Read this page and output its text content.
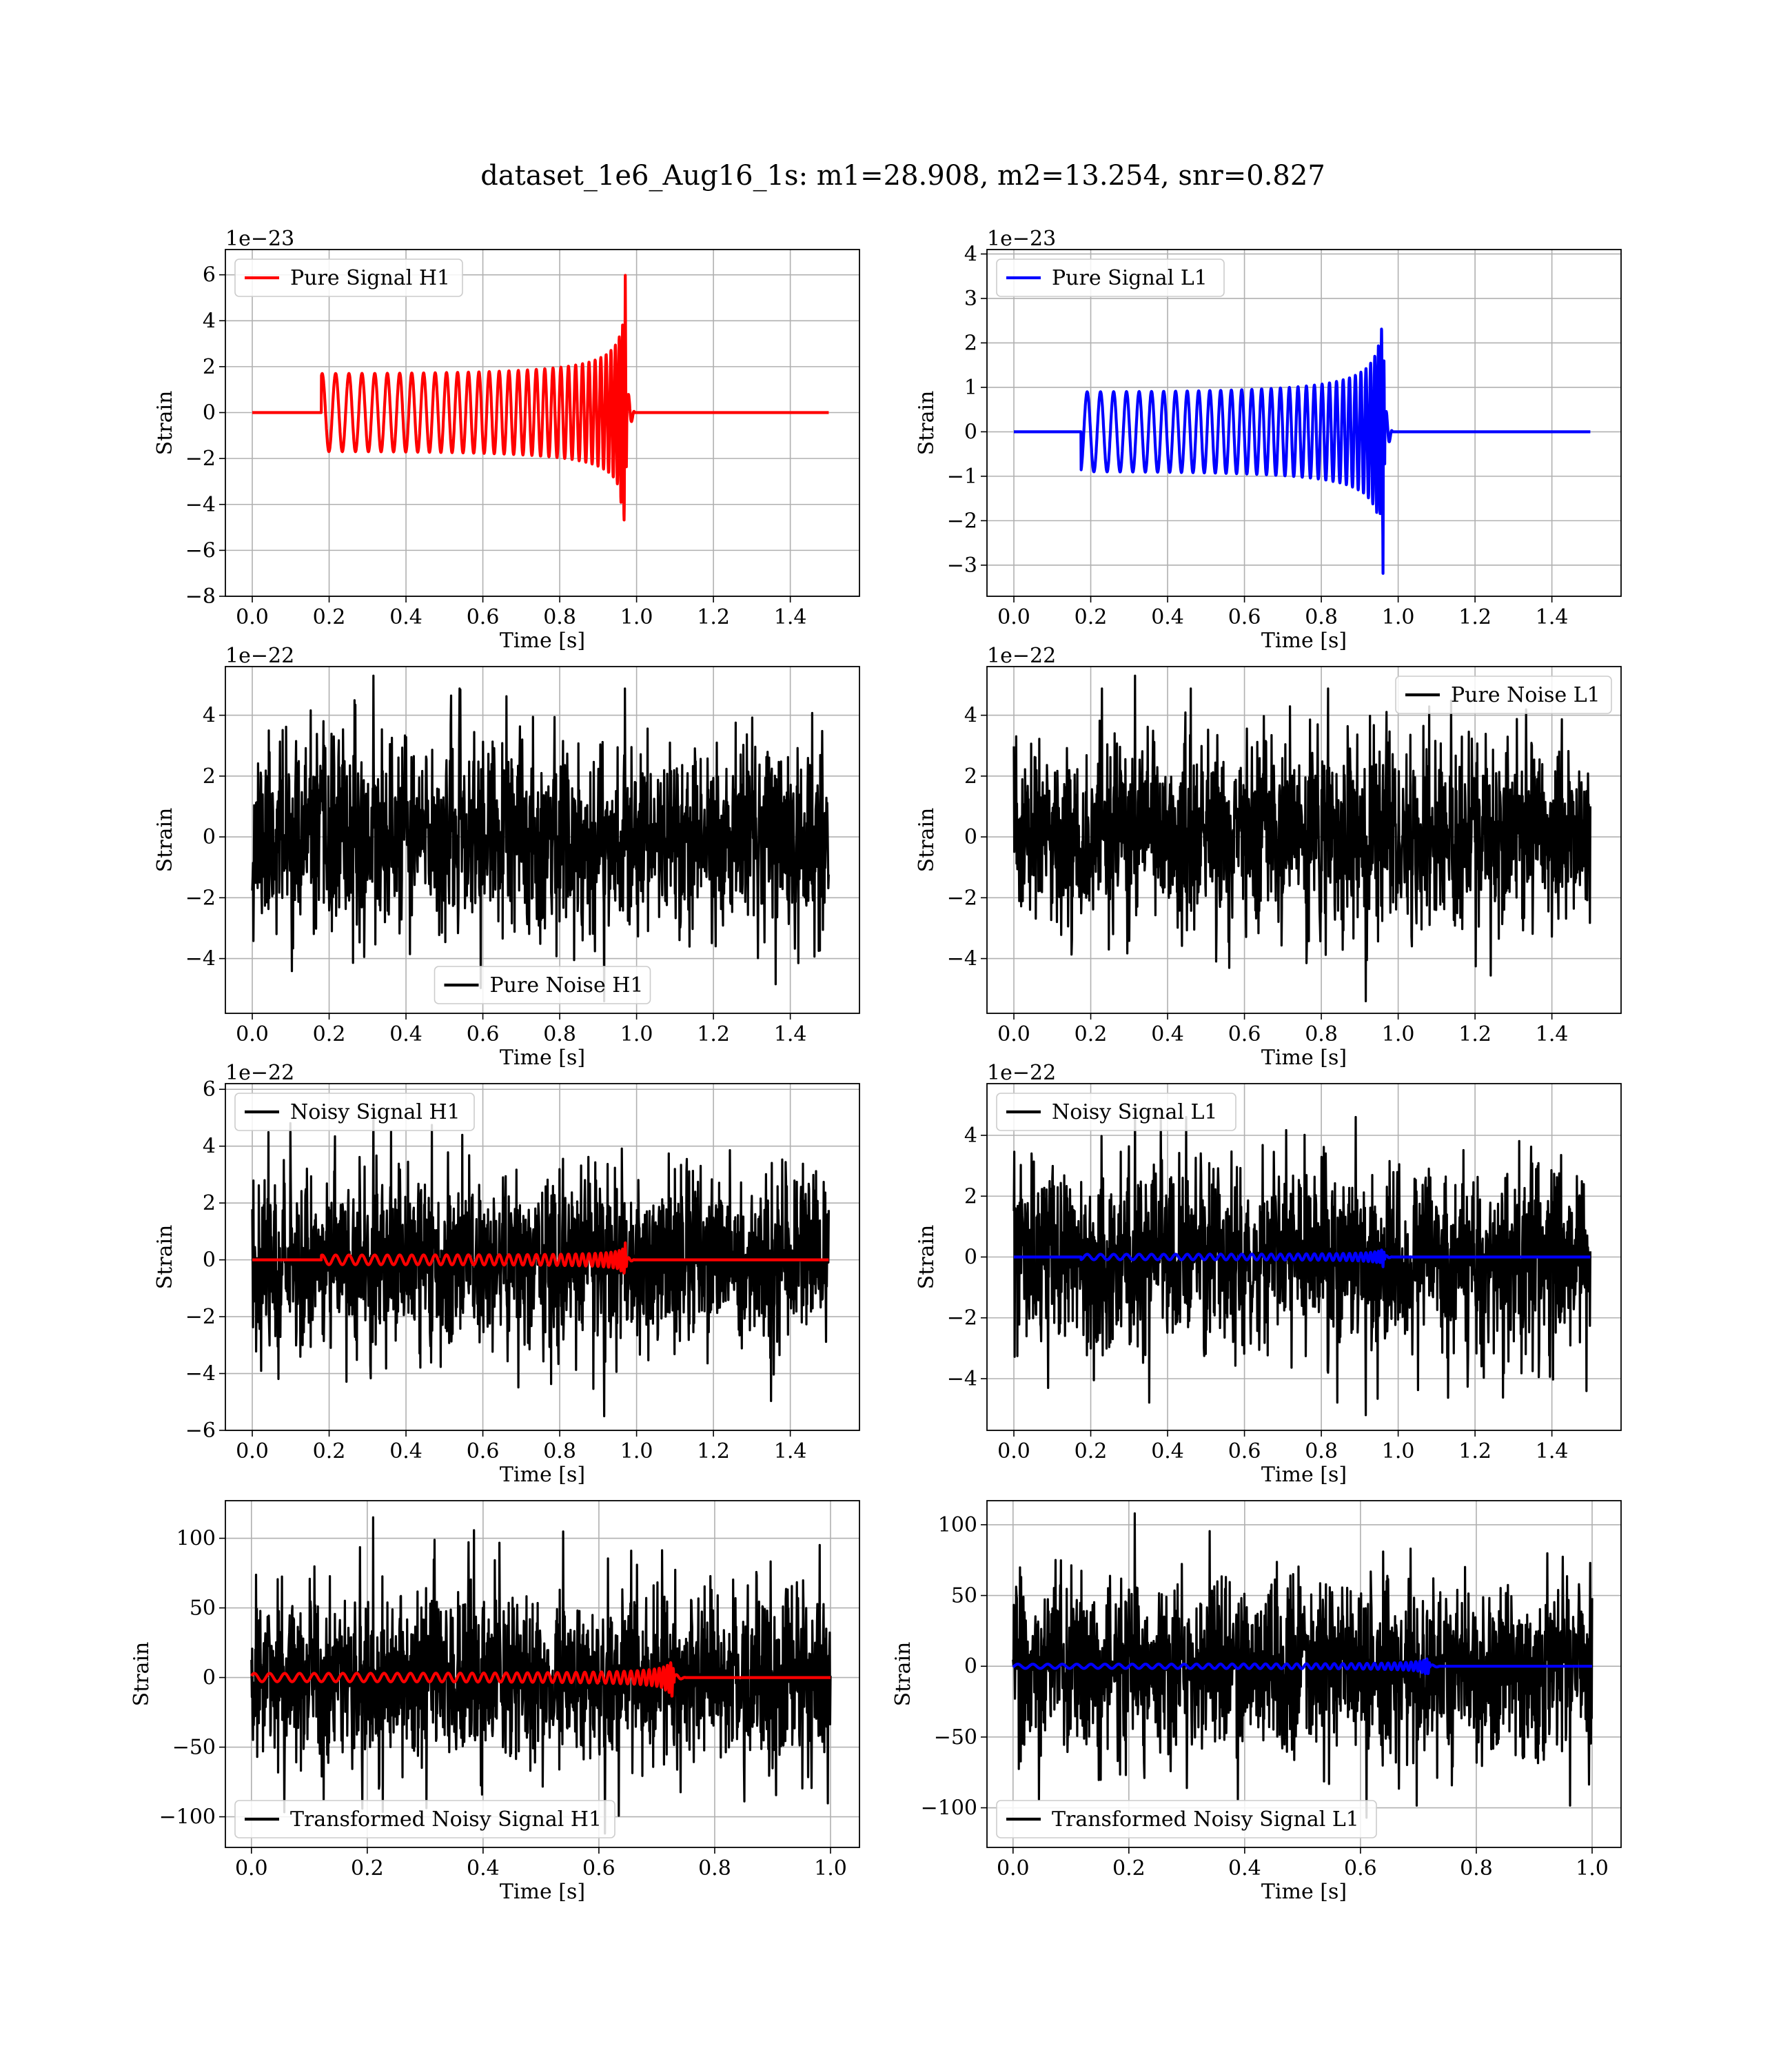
dataset_1e6_Aug16_1s: m1=28.908, m2=13.254, snr=0.827
0.0 0.2 0.4 0.6 0.8 1.0 1.2 1.4
−8
−6
−4
−2
0
2
4
6
1e−23
Time [s]
Strain
Pure Signal H1
0.0 0.2 0.4 0.6 0.8 1.0 1.2 1.4
−3
−2
−1
0
1
2
3
4
1e−23
Time [s]
Strain
Pure Signal L1
0.0 0.2 0.4 0.6 0.8 1.0 1.2 1.4
−4
−2
0
2
4
1e−22
Time [s]
Strain
Pure Noise H1
0.0 0.2 0.4 0.6 0.8 1.0 1.2 1.4
−4
−2
0
2
4
1e−22
Time [s]
Strain
Pure Noise L1
0.0 0.2 0.4 0.6 0.8 1.0 1.2 1.4
−6
−4
−2
0
2
4
6
1e−22
Time [s]
Strain
Noisy Signal H1
0.0 0.2 0.4 0.6 0.8 1.0 1.2 1.4
−4
−2
0
2
4
1e−22
Time [s]
Strain
Noisy Signal L1
0.0	0.2	0.4	0.6	0.8	1.0
−100
−50
0
50
100
Time [s]
Strain
Transformed Noisy Signal H1
0.0	0.2	0.4	0.6	0.8	1.0
−100
−50
0
50
100
Time [s]
Strain
Transformed Noisy Signal L1
